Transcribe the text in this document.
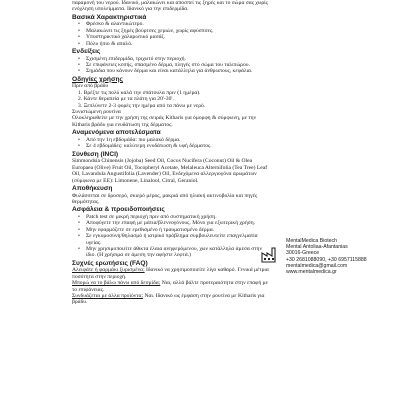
παραμονή του νερού. Ιδανικό, μαλακώνει και αποσπεί τις ξηρές και το σώμα σας χωρίς ενόχληση υπολείμματα. Ιδανικό για την επιδερμίδα.

Βασικά Χαρακτηριστικά
• Φρέσκο & αλαντικώτερο.
• Μαλακώνει τις ξηρές βούρτσες χεριών, χωρίς αφύσπσες.
• Υποστηρικτικό χαλαρωτικό μασάζ.
• Πόλυ ήπιο & απαλό.
Ενδείξεις
• Σχισμένη επιδερμίδα, τριχωτό στην περιοχή.
• Σε επιφάνειες κοπής, σπασμένο δέρμα, πληγές στο σώμα του ταλιπώρου.
• Σημάδια που κάνουν δέρμα και είναι κατάλληλα για άνθρωπους, κεφάλια.
Οδηγίες χρήσης

Πριν από βράδυ

1. Βρέξτε τις πολύ καλά την σπάτουλα πριν (1 ημέρα).
2. Κάντε θεραπεία με τα πλάτη για 20'-30'.
3. Ξεπλύνετε 2-3 φορές την ημέρα από τα πάνω με νερό.

Συνιστώμενη ρουτίνα

Ολοκληρωθείτε με την χρήση της σειράς Kitharis για όμορφη & σύμφωνη, με την Kitharis βράδυ για ενυδάτωση της δέρματος.

Αναμενόμενα αποτελέσματα
• Από την 1η εβδομάδα: πιο μαλακό δέρμα.
• Σε 4 εβδομάδες: καλύτερη ενυδάτωση & υφή δέρματος.
Σύνθεση (INCI)

Simmondsia Chinensis (Jojoba) Seed Oil, Cocos Nucifera (Coconut) Oil & Olea Europaea (Olive) Fruit Oil, Tocopheryl Acetate, Melaleuca Alternifolia (Tea Tree) Leaf Oil, Lavandula Angustifolia (Lavender) Oil, Ενδεχόμενα αλλεργιογόνα αρωμάτων (σύμφωνα με ΕΕ): Limonene, Linalool, Citral, Geraniol.

Αποθήκευση

Φυλάσσεται σε δροσερό, σκιερό μέρος, μακριά από ηλιακή ακτινοβολία και πηγές θερμότητας.

Ασφάλεια & προειδοποιήσεις
• Patch test σε μικρή περιοχή πριν από συστηματική χρήση.
• Αποφύγετε την επαφή με μάτια/βλεννογόνους. Μόνο για εξωτερική χρήση.
• Μην εφαρμόζετε σε ερεθισμένο ή τραυματισμένο δέρμα.
• Σε εγκυμοσύνη/θηλασμό ή ιατρικό πρόβλημα συμβουλευτείτε επαγγελματία υγείας.
• Μην χρησιμοποιείτε άθικτα έλαια ανηφερόμενου, χων κατάλληλα άμεσα στην ίδιο. (Η χρήσιμα σε άμεση την αφήστε λεφτά.)
Συχνές ερωτήσεις (FAQ)

Αλειφάτε ή φαρμάκι ξυρισμένα; Ιδανικό να χρησιμοποιείτε λίγο καθαρό. Γενικά μέτρια ποσότητα στην περιοχή.

Μπορώ να το βάλω πάνω από δεσμίδα; Ναι, αλλά βάλτε προτεραιότητα στην επαφή με το επιφάνειας.

Συνδυάζεται με άλλα προϊόντα; Ναι. Ιδανικό ως έμφαση στην ρουτίνα με Kitharis για βράδυ.

MentalMedica Biotech
Mental Antoliaa-Afantanias
30016-Greece
+30 2681088090, +30 6957115888
mentalmedica@gmail.com
www.mentalmedica.gr
